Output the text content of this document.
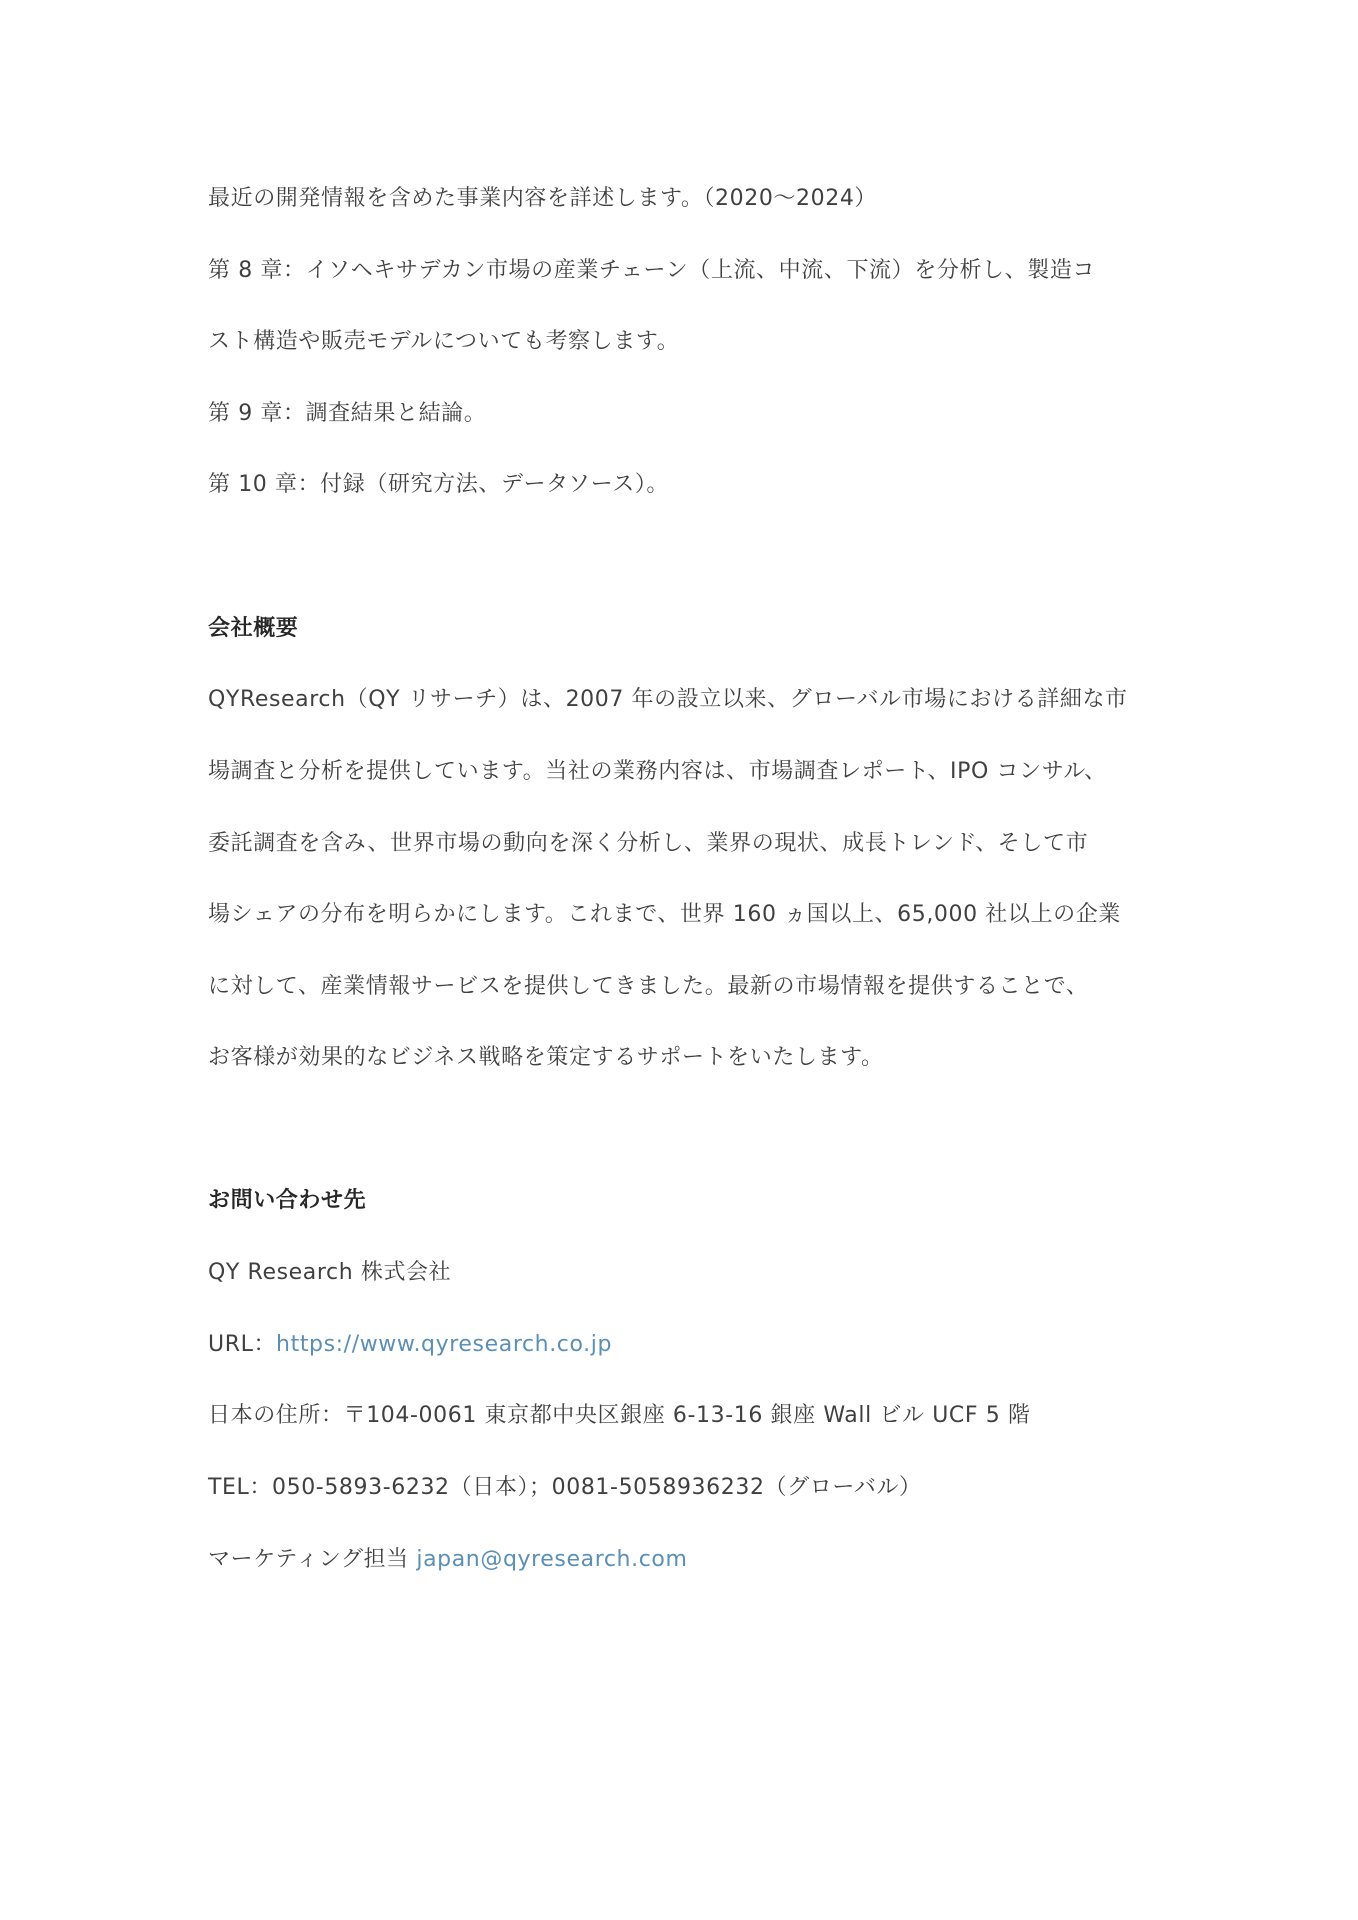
最近の開発情報を含めた事業内容を詳述します。（2020～2024）
第 8 章：イソヘキサデカン市場の産業チェーン（上流、中流、下流）を分析し、製造コ
スト構造や販売モデルについても考察します。
第 9 章：調査結果と結論。
第 10 章：付録（研究方法、データソース）。
会社概要
QYResearch（QY リサーチ）は、2007 年の設立以来、グローバル市場における詳細な市
場調査と分析を提供しています。当社の業務内容は、市場調査レポート、IPO コンサル、
委託調査を含み、世界市場の動向を深く分析し、業界の現状、成長トレンド、そして市
場シェアの分布を明らかにします。これまで、世界 160 ヵ国以上、65,000 社以上の企業
に対して、産業情報サービスを提供してきました。最新の市場情報を提供することで、
お客様が効果的なビジネス戦略を策定するサポートをいたします。
お問い合わせ先
QY Research 株式会社
URL：https://www.qyresearch.co.jp
日本の住所：〒104-0061 東京都中央区銀座 6-13-16 銀座 Wall ビル UCF 5 階
TEL：050-5893-6232（日本）；0081-5058936232（グローバル）
マーケティング担当 japan@qyresearch.com
